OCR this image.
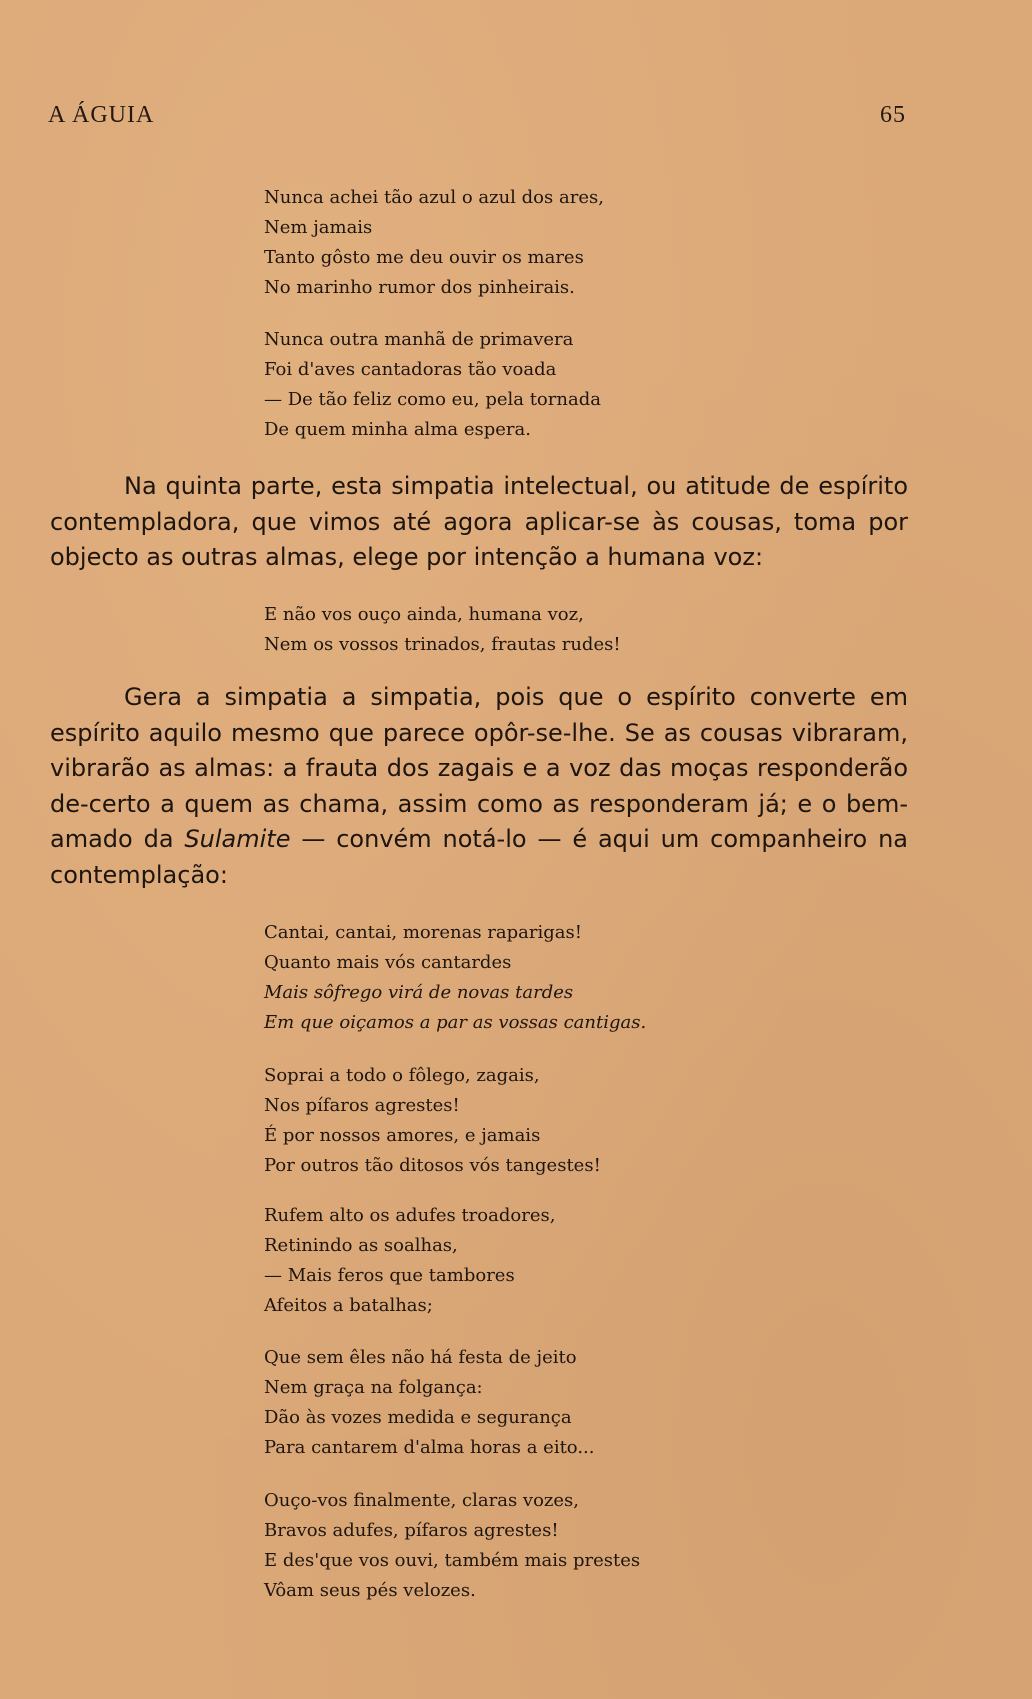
A ÁGUIA	65
Nunca achei tão azul o azul dos ares,
Nem jamais
Tanto gôsto me deu ouvir os mares
No marinho rumor dos pinheirais.
Nunca outra manhã de primavera
Foi d'aves cantadoras tão voada
— De tão feliz como eu, pela tornada
De quem minha alma espera.

Na quinta parte, esta simpatia intelectual, ou atitude de espírito contempladora, que vimos até agora aplicar-se às cousas, toma por objecto as outras almas, elege por intenção a humana voz:

E não vos ouço ainda, humana voz,
Nem os vossos trinados, frautas rudes!

Gera a simpatia a simpatia, pois que o espírito converte em espírito aquilo mesmo que parece opôr-se-lhe. Se as cousas vibraram, vibrarão as almas: a frauta dos zagais e a voz das moças responderão de-certo a quem as chama, assim como as responderam já; e o bem-amado da Sulamite — convém notá-lo — é aqui um companheiro na contemplação:

Cantai, cantai, morenas raparigas!
Quanto mais vós cantardes
Mais sôfrego virá de novas tardes
Em que oiçamos a par as vossas cantigas.
Soprai a todo o fôlego, zagais,
Nos pífaros agrestes!
É por nossos amores, e jamais
Por outros tão ditosos vós tangestes!
Rufem alto os adufes troadores,
Retinindo as soalhas,
— Mais feros que tambores
Afeitos a batalhas;
Que sem êles não há festa de jeito
Nem graça na folgança:
Dão às vozes medida e segurança
Para cantarem d'alma horas a eito...
Ouço-vos finalmente, claras vozes,
Bravos adufes, pífaros agrestes!
E des'que vos ouvi, também mais prestes
Vôam seus pés velozes.
